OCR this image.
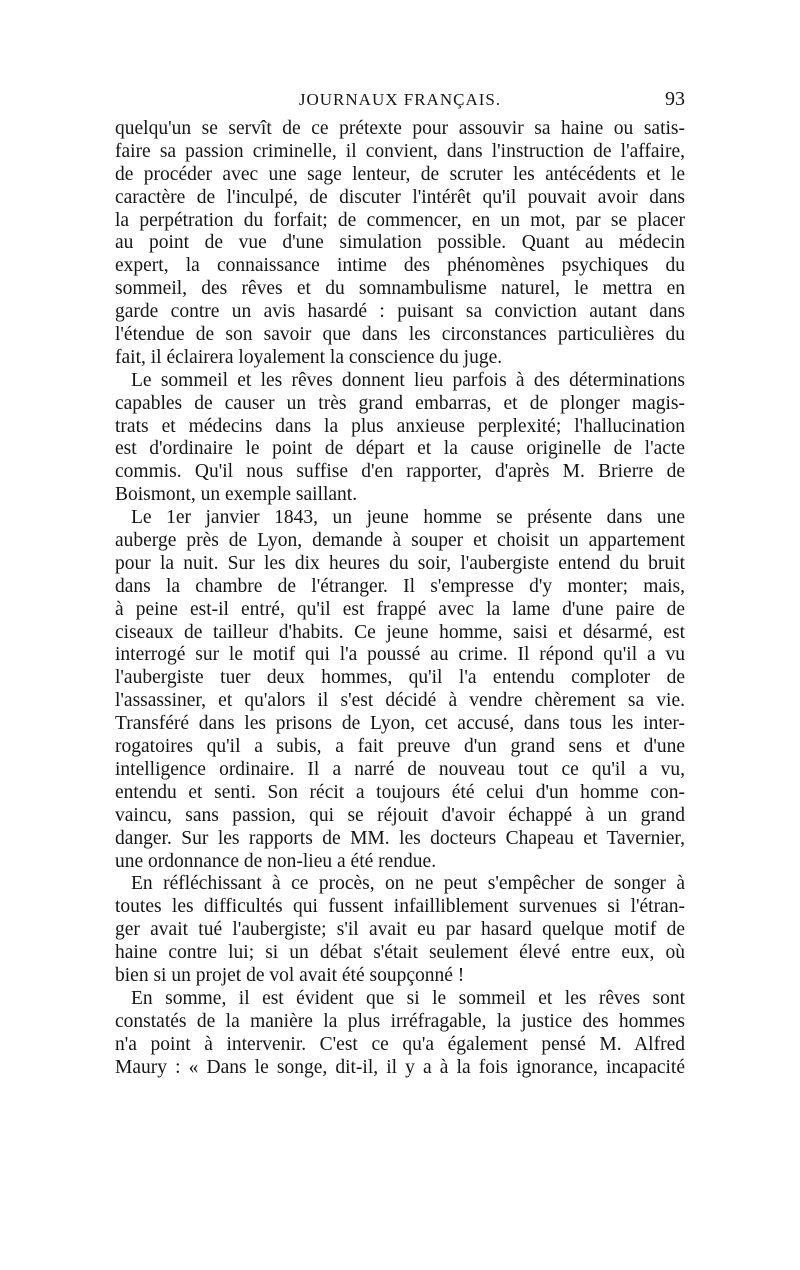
JOURNAUX FRANÇAIS.	93
quelqu'un se servît de ce prétexte pour assouvir sa haine ou satis-
faire sa passion criminelle, il convient, dans l'instruction de l'affaire,
de procéder avec une sage lenteur, de scruter les antécédents et le
caractère de l'inculpé, de discuter l'intérêt qu'il pouvait avoir dans
la perpétration du forfait; de commencer, en un mot, par se placer
au point de vue d'une simulation possible. Quant au médecin
expert, la connaissance intime des phénomènes psychiques du
sommeil, des rêves et du somnambulisme naturel, le mettra en
garde contre un avis hasardé : puisant sa conviction autant dans
l'étendue de son savoir que dans les circonstances particulières du
fait, il éclairera loyalement la conscience du juge.
Le sommeil et les rêves donnent lieu parfois à des déterminations
capables de causer un très grand embarras, et de plonger magis-
trats et médecins dans la plus anxieuse perplexité; l'hallucination
est d'ordinaire le point de départ et la cause originelle de l'acte
commis. Qu'il nous suffise d'en rapporter, d'après M. Brierre de
Boismont, un exemple saillant.
Le 1er janvier 1843, un jeune homme se présente dans une
auberge près de Lyon, demande à souper et choisit un appartement
pour la nuit. Sur les dix heures du soir, l'aubergiste entend du bruit
dans la chambre de l'étranger. Il s'empresse d'y monter; mais,
à peine est-il entré, qu'il est frappé avec la lame d'une paire de
ciseaux de tailleur d'habits. Ce jeune homme, saisi et désarmé, est
interrogé sur le motif qui l'a poussé au crime. Il répond qu'il a vu
l'aubergiste tuer deux hommes, qu'il l'a entendu comploter de
l'assassiner, et qu'alors il s'est décidé à vendre chèrement sa vie.
Transféré dans les prisons de Lyon, cet accusé, dans tous les inter-
rogatoires qu'il a subis, a fait preuve d'un grand sens et d'une
intelligence ordinaire. Il a narré de nouveau tout ce qu'il a vu,
entendu et senti. Son récit a toujours été celui d'un homme con-
vaincu, sans passion, qui se réjouit d'avoir échappé à un grand
danger. Sur les rapports de MM. les docteurs Chapeau et Tavernier,
une ordonnance de non-lieu a été rendue.
En réfléchissant à ce procès, on ne peut s'empêcher de songer à
toutes les difficultés qui fussent infailliblement survenues si l'étran-
ger avait tué l'aubergiste; s'il avait eu par hasard quelque motif de
haine contre lui; si un débat s'était seulement élevé entre eux, où
bien si un projet de vol avait été soupçonné !
En somme, il est évident que si le sommeil et les rêves sont
constatés de la manière la plus irréfragable, la justice des hommes
n'a point à intervenir. C'est ce qu'a également pensé M. Alfred
Maury : « Dans le songe, dit-il, il y a à la fois ignorance, incapacité
